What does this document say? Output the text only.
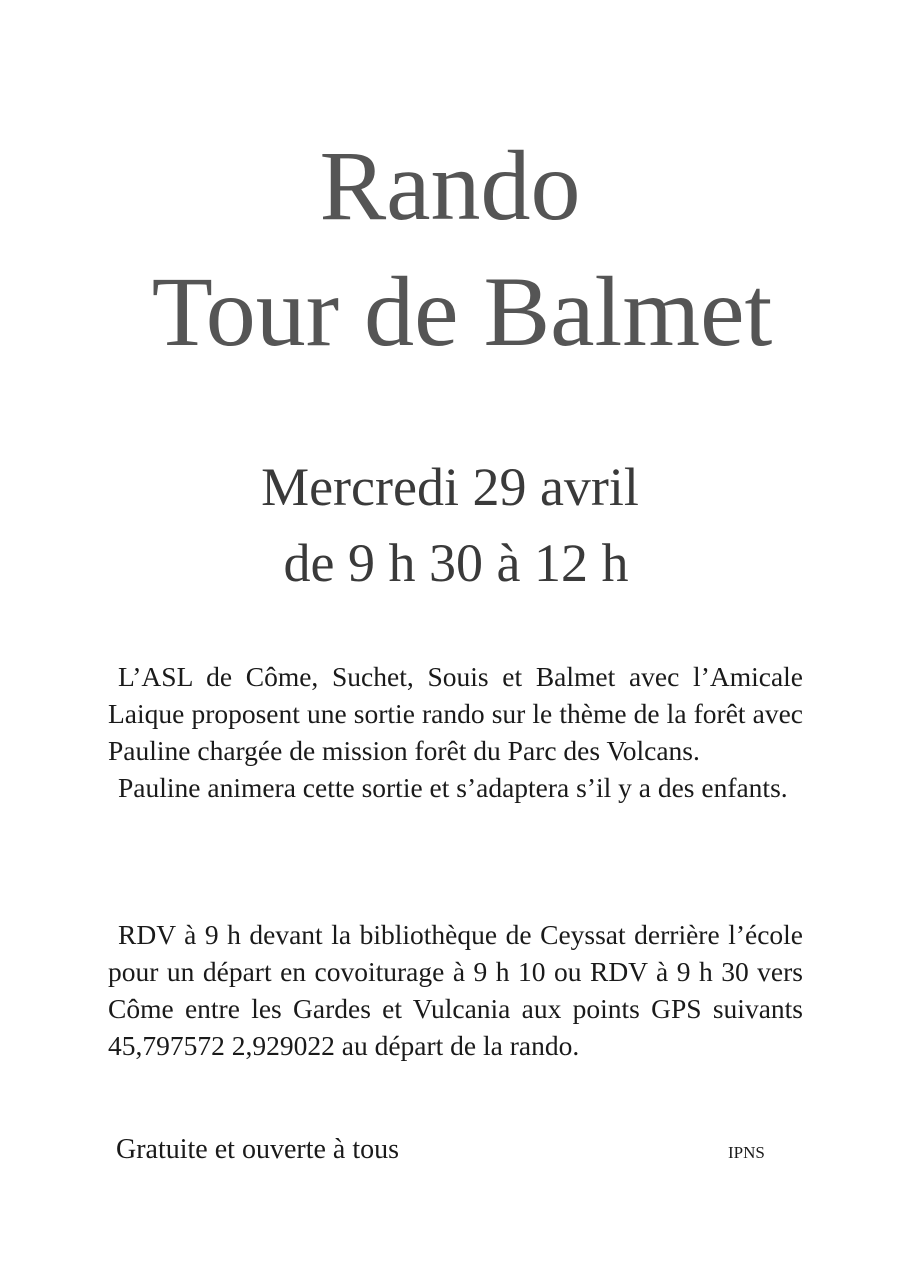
Rando
Tour de Balmet
Mercredi 29 avril
de 9 h 30 à 12 h

L’ASL de Côme, Suchet, Souis et Balmet avec l’Amicale Laique proposent une sortie rando sur le thème de la forêt avec Pauline chargée de mission forêt du Parc des Volcans.

Pauline animera cette sortie et s’adaptera s’il y a des enfants.

RDV à 9 h devant la bibliothèque de Ceyssat derrière l’école pour un départ en covoiturage à 9 h 10 ou RDV à 9 h 30 vers Côme entre les Gardes et Vulcania aux points GPS suivants 45,797572 2,929022 au départ de la rando.

Gratuite et ouverte à tous	IPNS
